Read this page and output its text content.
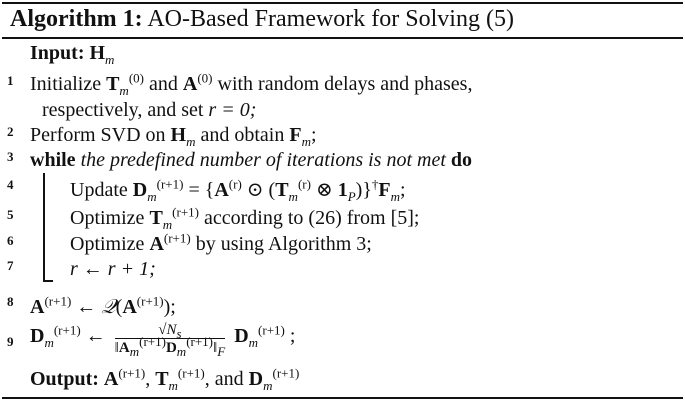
Algorithm 1: AO-Based Framework for Solving (5)
Input: $H_m$
1 Initialize $T_m^{(0)}$ and $A^{(0)}$ with random delays and phases,
respectively, and set r = 0;
2 Perform SVD on $H_m$ and obtain $F_m$;
3 while the predefined number of iterations is not met do
4	Update $D_m^{(r+1)} = \{A^{(r)}$ ⊙ ($T_m^{(r)}$ ⊗ $1_P)\}^\dagger F_m$;
5	Optimize $T_m^{(r+1)}$ according to (26) from [5];
6	Optimize $A^{(r+1)}$ by using Algorithm 3;
7	r ← r + 1;
8 $A^{(r+1)}$ ← $𝒬(A^{(r+1)})$;
9 $D_m^{(r+1)}$ ← $\frac{√N_s}{‖A_m^{(r+1)}D_m^{(r+1)}‖_F} D_m^{(r+1)}$ ;
Output: $A^{(r+1)}$, $T_m^{(r+1)}$, and $D_m^{(r+1)}$
